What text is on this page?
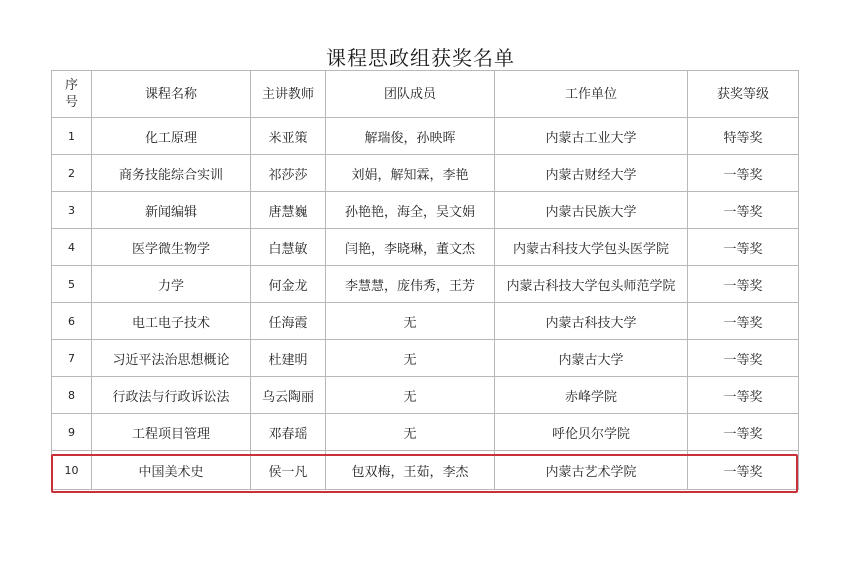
课程思政组获奖名单
序号	课程名称	主讲教师	团队成员	工作单位	获奖等级
1	化工原理	米亚策	解瑞俊，孙映晖	内蒙古工业大学	特等奖
2	商务技能综合实训	祁莎莎	刘娟，解知霖，李艳	内蒙古财经大学	一等奖
3	新闻编辑	唐慧巍	孙艳艳，海全，吴文娟	内蒙古民族大学	一等奖
4	医学微生物学	白慧敏	闫艳，李晓琳，董文杰	内蒙古科技大学包头医学院	一等奖
5	力学	何金龙	李慧慧，庞伟秀，王芳	内蒙古科技大学包头师范学院	一等奖
6	电工电子技术	任海霞	无	内蒙古科技大学	一等奖
7	习近平法治思想概论	杜建明	无	内蒙古大学	一等奖
8	行政法与行政诉讼法	乌云陶丽	无	赤峰学院	一等奖
9	工程项目管理	邓春瑶	无	呼伦贝尔学院	一等奖
10	中国美术史	侯一凡	包双梅，王茹，李杰	内蒙古艺术学院	一等奖
